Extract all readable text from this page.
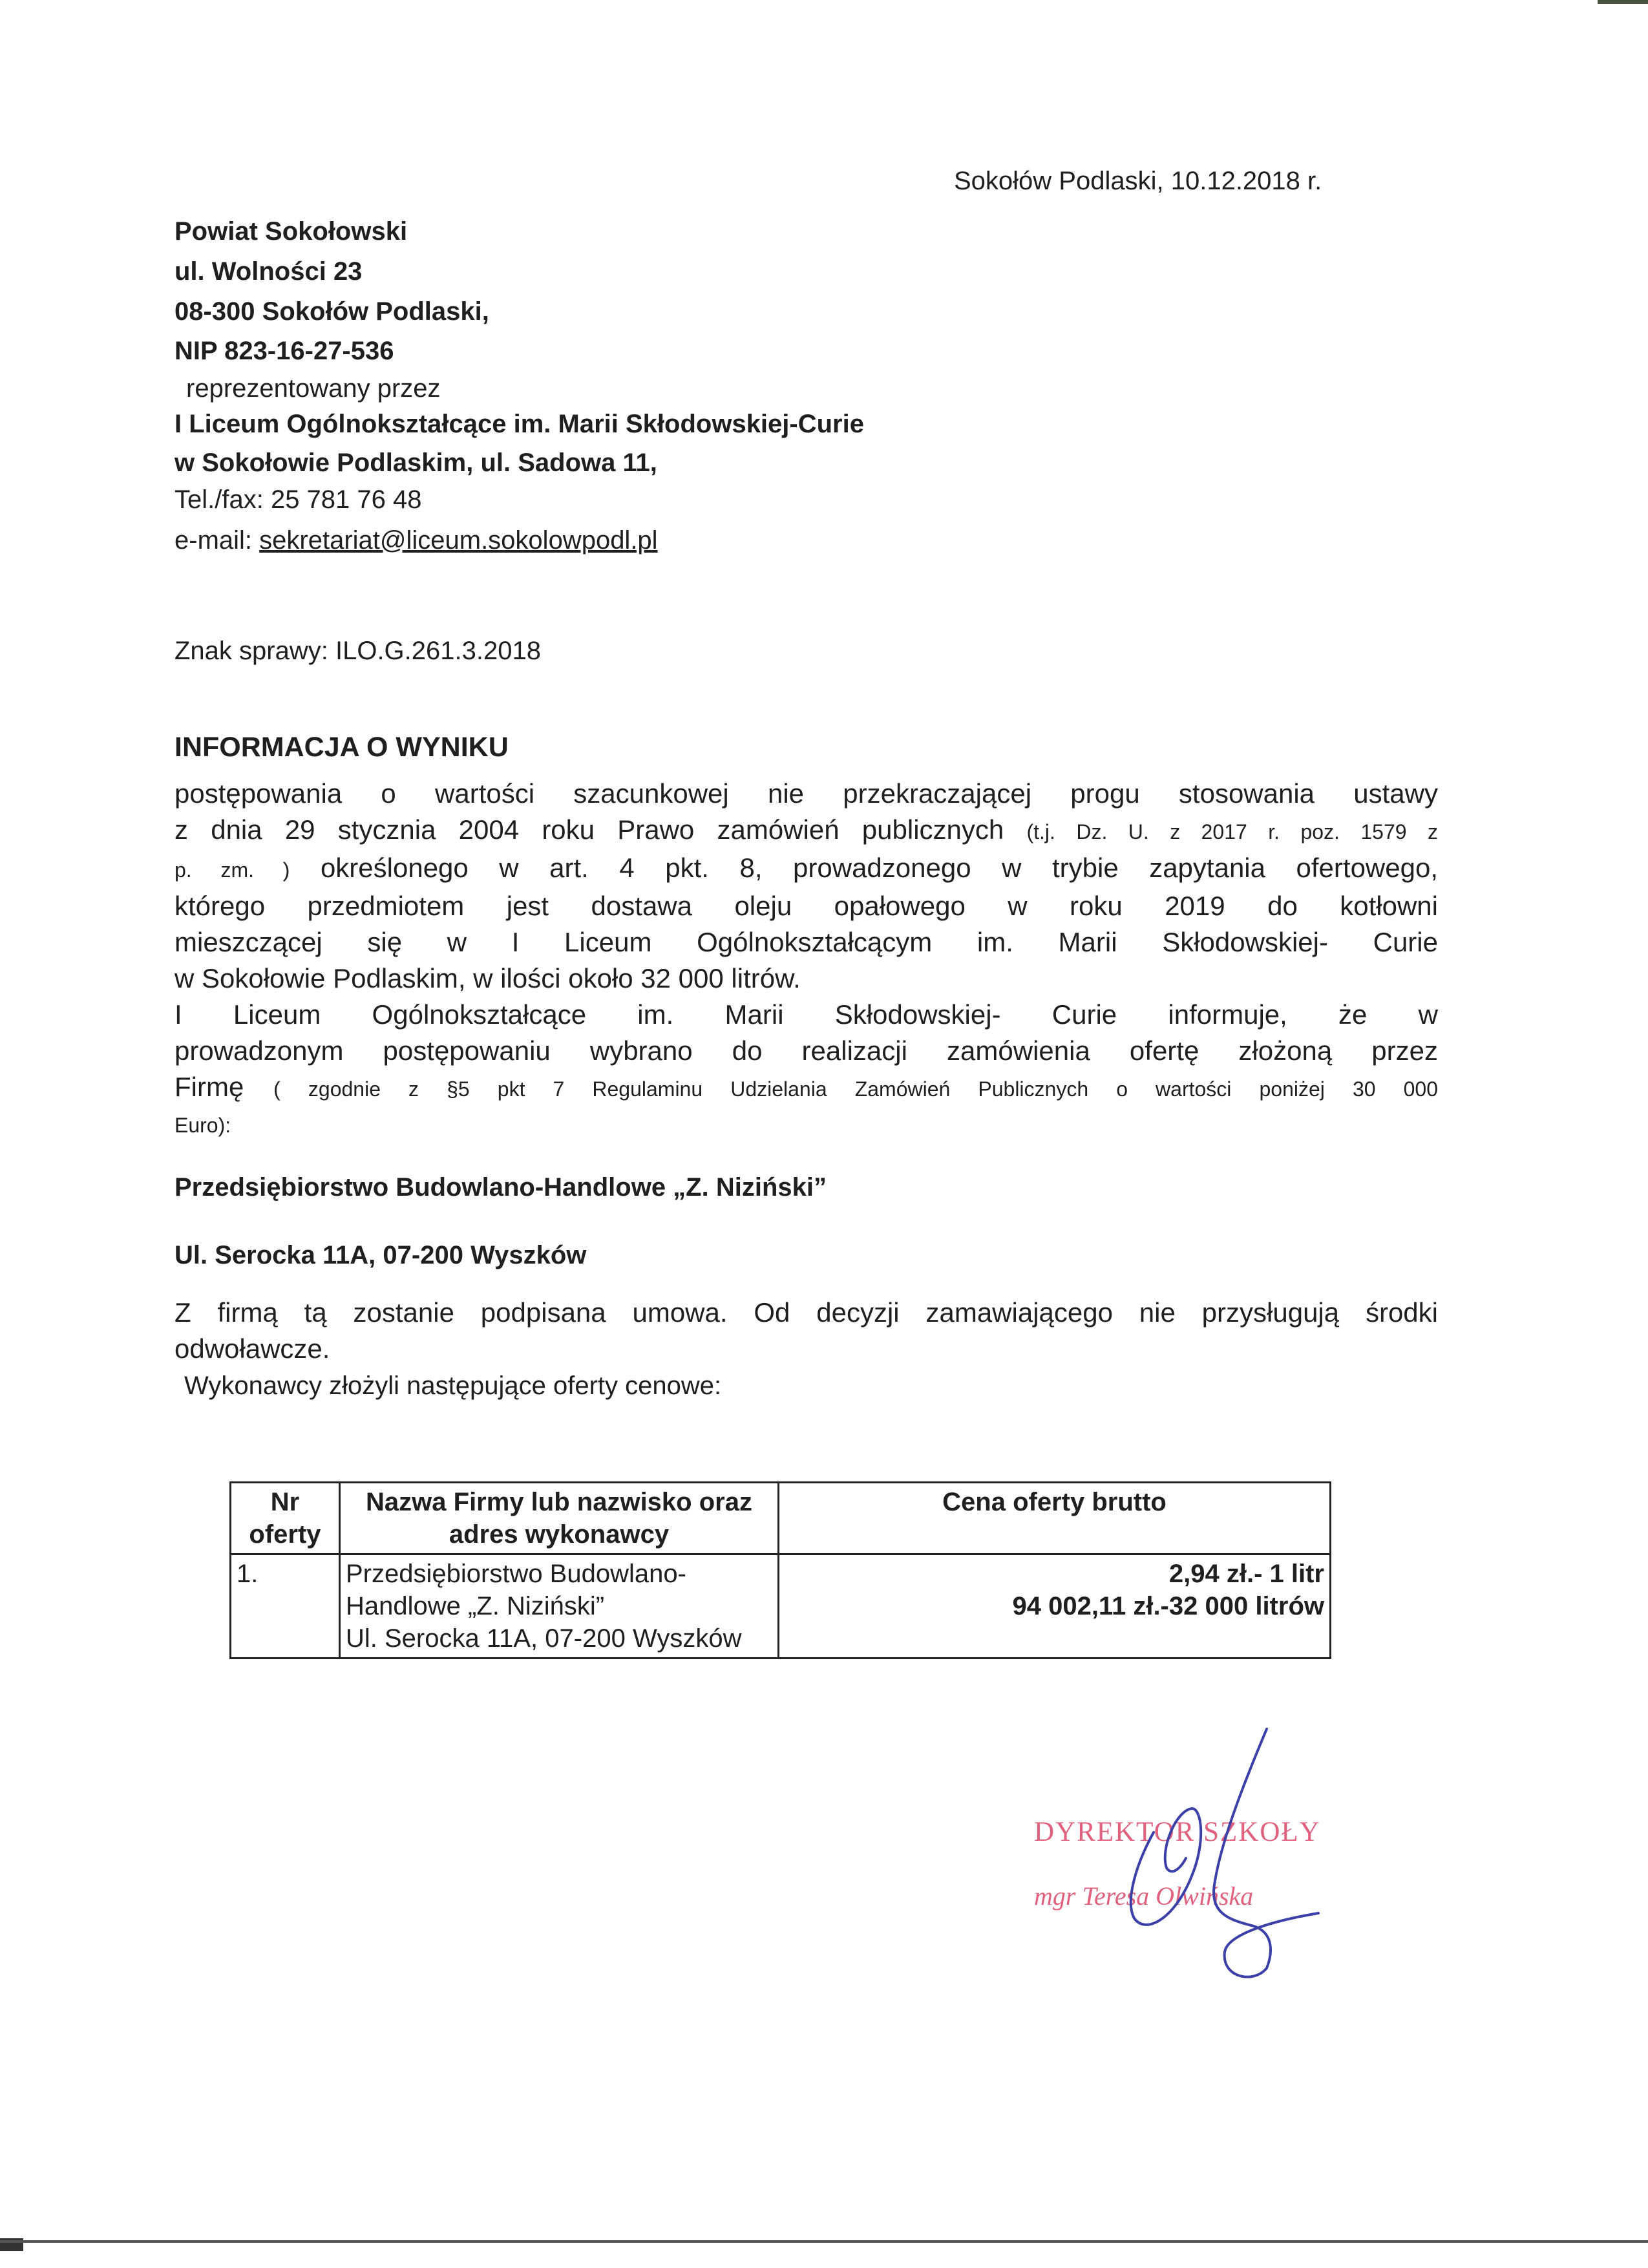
Sokołów Podlaski, 10.12.2018 r.
Powiat Sokołowski
ul. Wolności 23
08-300 Sokołów Podlaski,
NIP 823-16-27-536
reprezentowany przez
I Liceum Ogólnokształcące im. Marii Skłodowskiej-Curie
w Sokołowie Podlaskim, ul. Sadowa 11,
Tel./fax: 25 781 76 48
e-mail: sekretariat@liceum.sokolowpodl.pl
Znak sprawy: ILO.G.261.3.2018
INFORMACJA O WYNIKU
postępowania o wartości szacunkowej nie przekraczającej progu stosowania ustawy
z dnia 29 stycznia 2004 roku Prawo zamówień publicznych (t.j. Dz. U. z 2017 r. poz. 1579 z
p. zm. ) określonego w art. 4 pkt. 8, prowadzonego w trybie zapytania ofertowego,
którego przedmiotem jest dostawa oleju opałowego w roku 2019 do kotłowni
mieszczącej się w I Liceum Ogólnokształcącym im. Marii Skłodowskiej- Curie
w Sokołowie Podlaskim, w ilości około 32 000 litrów.
I Liceum Ogólnokształcące im. Marii Skłodowskiej- Curie informuje, że w
prowadzonym postępowaniu wybrano do realizacji zamówienia ofertę złożoną przez
Firmę ( zgodnie z §5 pkt 7 Regulaminu Udzielania Zamówień Publicznych o wartości poniżej 30 000
Euro):
Przedsiębiorstwo Budowlano-Handlowe „Z. Niziński”
Ul. Serocka 11A, 07-200 Wyszków
Z firmą tą zostanie podpisana umowa. Od decyzji zamawiającego nie przysługują środki
odwoławcze.
Wykonawcy złożyli następujące oferty cenowe:
Nr
oferty	Nazwa Firmy lub nazwisko oraz
adres wykonawcy	Cena oferty brutto
1.	Przedsiębiorstwo Budowlano-
Handlowe „Z. Niziński”
Ul. Serocka 11A, 07-200 Wyszków	2,94 zł.- 1 litr
94 002,11 zł.-32 000 litrów
DYREKTOR SZKOŁY
mgr Teresa Olwińska
